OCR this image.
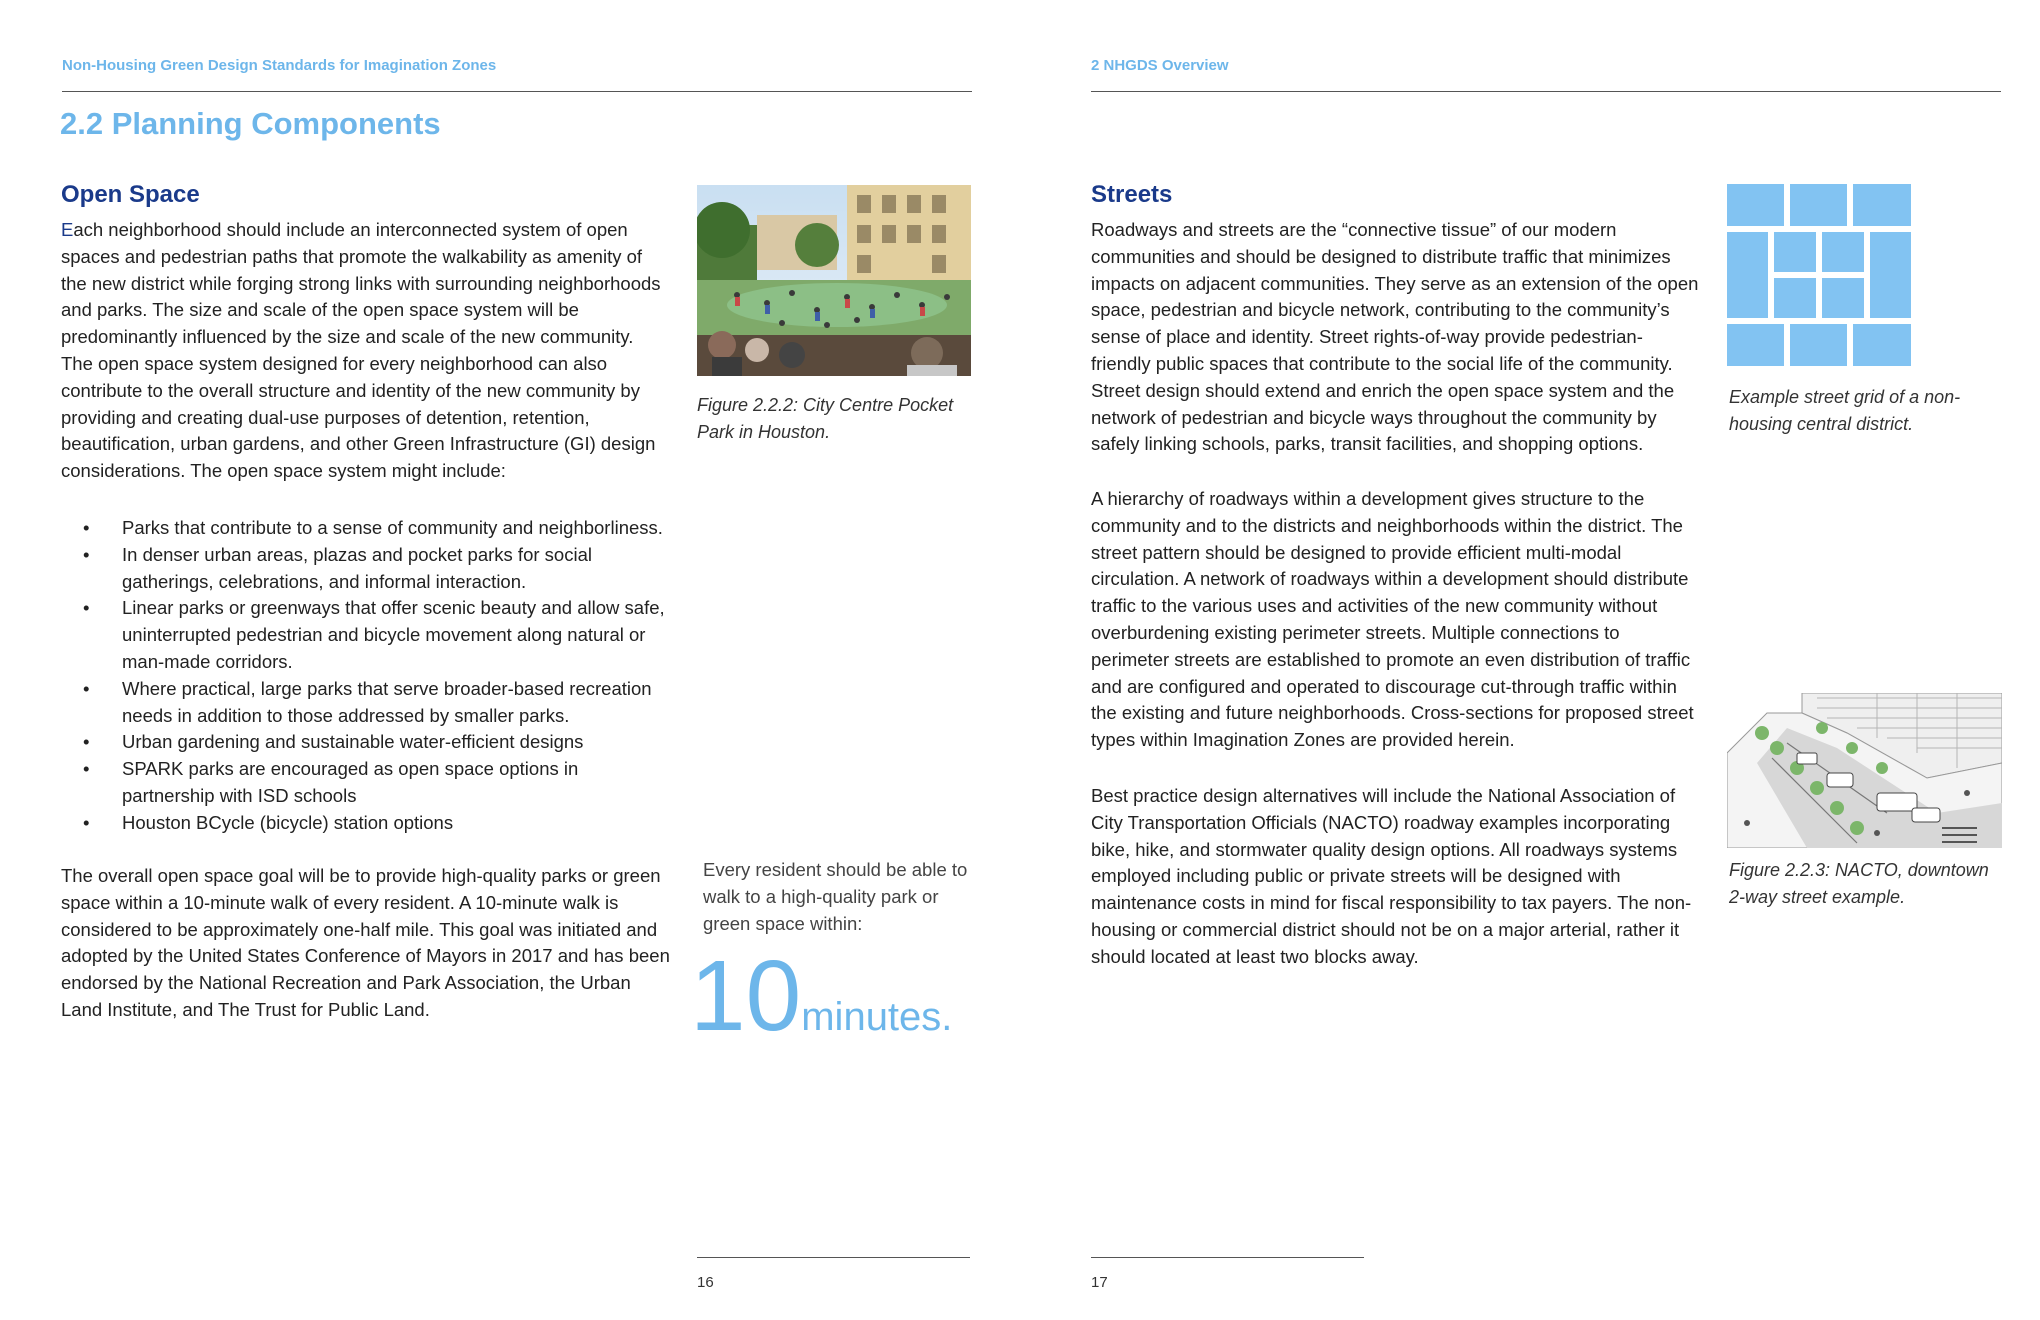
Non-Housing Green Design Standards for Imagination Zones
2.2 Planning Components
Open Space

Each neighborhood should include an interconnected system of open spaces and pedestrian paths that promote the walkability as amenity of the new district while forging strong links with surrounding neighborhoods and parks. The size and scale of the open space system will be predominantly influenced by the size and scale of the new community. The open space system designed for every neighborhood can also contribute to the overall structure and identity of the new community by providing and creating dual-use purposes of detention, retention, beautification, urban gardens, and other Green Infrastructure (GI) design considerations. The open space system might include:

• Parks that contribute to a sense of community and neighborliness.
• In denser urban areas, plazas and pocket parks for social gatherings, celebrations, and informal interaction.
• Linear parks or greenways that offer scenic beauty and allow safe, uninterrupted pedestrian and bicycle movement along natural or man-made corridors.
• Where practical, large parks that serve broader-based recreation needs in addition to those addressed by smaller parks.
• Urban gardening and sustainable water-efficient designs
• SPARK parks are encouraged as open space options in partnership with ISD schools
• Houston BCycle (bicycle) station options

The overall open space goal will be to provide high-quality parks or green space within a 10-minute walk of every resident. A 10-minute walk is considered to be approximately one-half mile. This goal was initiated and adopted by the United States Conference of Mayors in 2017 and has been endorsed by the National Recreation and Park Association, the Urban Land Institute, and The Trust for Public Land.

Figure 2.2.2: City Centre Pocket Park in Houston.
Every resident should be able to walk to a high-quality park or green space within:
10minutes.
16
2 NHGDS Overview
Streets

Roadways and streets are the “connective tissue” of our modern communities and should be designed to distribute traffic that minimizes impacts on adjacent communities. They serve as an extension of the open space, pedestrian and bicycle network, contributing to the community’s sense of place and identity. Street rights-of-way provide pedestrian-friendly public spaces that contribute to the social life of the community. Street design should extend and enrich the open space system and the network of pedestrian and bicycle ways throughout the community by safely linking schools, parks, transit facilities, and shopping options.

A hierarchy of roadways within a development gives structure to the community and to the districts and neighborhoods within the district. The street pattern should be designed to provide efficient multi-modal circulation. A network of roadways within a development should distribute traffic to the various uses and activities of the new community without overburdening existing perimeter streets. Multiple connections to perimeter streets are established to promote an even distribution of traffic and are configured and operated to discourage cut-through traffic within the existing and future neighborhoods. Cross-sections for proposed street types within Imagination Zones are provided herein.

Best practice design alternatives will include the National Association of City Transportation Officials (NACTO) roadway examples incorporating bike, hike, and stormwater quality design options. All roadways systems employed including public or private streets will be designed with maintenance costs in mind for fiscal responsibility to tax payers. The non-housing or commercial district should not be on a major arterial, rather it should located at least two blocks away.

Example street grid of a non-housing central district.
Figure 2.2.3: NACTO, downtown 2-way street example.
17
